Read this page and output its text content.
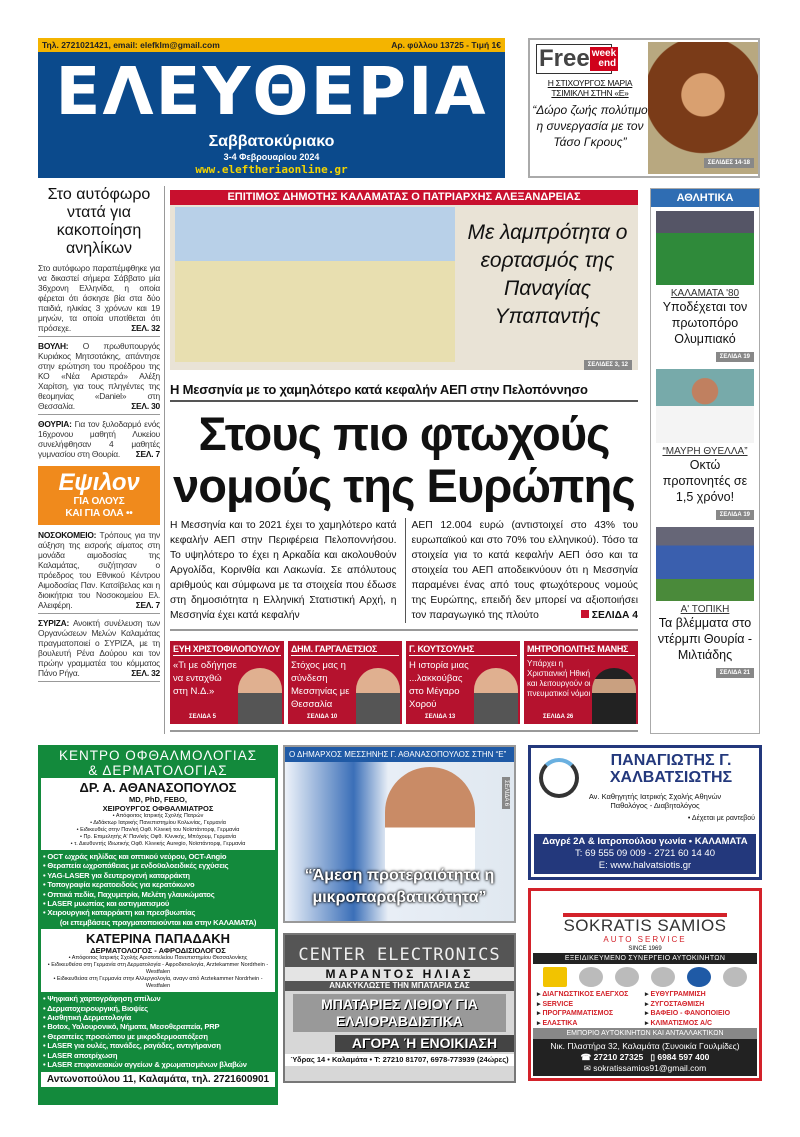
Τηλ. 2721021421, email: elefklm@gmail.com	Αρ. φύλλου 13725 - Τιμή 1€
ΕΛΕΥΘΕΡΙΑ
Σαββατοκύριακο
3-4 Φεβρουαρίου 2024
www.eleftheriaonline.gr
Free week
end
Η ΣΤΙΧΟΥΡΓΟΣ ΜΑΡΙΑ
ΤΣΙΜΙΚΛΗ ΣΤΗΝ «Ε»
“Δώρο ζωής πολύτιμο η συνεργασία με τον Τάσο Γκρους”
ΣΕΛΙΔΕΣ 14-18
Στο αυτόφωρο ντατά για κακοποίηση ανηλίκων

Στο αυτόφωρο παραπέμφθηκε για να δικαστεί σήμερα Σάββατο μία 36χρονη Ελληνίδα, η οποία φέρεται ότι άσκησε βία στα δύο παιδιά, ηλικίας 3 χρόνων και 19 μηνών, τα οποία υποτίθεται ότι πρόσεχε.	ΣΕΛ. 32

ΒΟΥΛΗ: Ο πρωθυπουργός Κυριάκος Μητσοτάκης, απάντησε στην ερώτηση του προέδρου της ΚΟ «Νέα Αριστερά» Αλέξη Χαρίτση, για τους πληγέντες της θεομηνίας «Daniel» στη Θεσσαλία.	ΣΕΛ. 30

ΘΟΥΡΙΑ: Για τον ξυλοδαρμό ενός 16χρονου μαθητή Λυκείου συνελήφθησαν 4 μαθητές γυμνασίου στη Θουρία. ΣΕΛ. 7

Εψιλον
ΓΙΑ ΟΛΟΥΣ
ΚΑΙ ΓΙΑ ΟΛΑ ••

ΝΟΣΟΚΟΜΕΙΟ: Τρόπους για την αύξηση της εισροής αίματος στη μονάδα αιμοδοσίας της Καλαμάτας, συζήτησαν ο πρόεδρος του Εθνικού Κέντρου Αιμοδοσίας Παν. Κατσίβελας και η διοικήτρια του Νοσοκομείου Ελ. Αλειφέρη.	ΣΕΛ. 7

ΣΥΡΙΖΑ: Ανοικτή συνέλευση των Οργανώσεων Μελών Καλαμάτας πραγματοποιεί ο ΣΥΡΙΖΑ, με τη βουλευτή Ρένα Δούρου και τον πρώην γραμματέα του κόμματος Πάνο Ρήγα.	ΣΕΛ. 32

ΕΠΙΤΙΜΟΣ ΔΗΜΟΤΗΣ ΚΑΛΑΜΑΤΑΣ Ο ΠΑΤΡΙΑΡΧΗΣ ΑΛΕΞΑΝΔΡΕΙΑΣ
Με λαμπρότητα ο εορτασμός της Παναγίας Υπαπαντής
ΣΕΛΙΔΕΣ 3, 12
Η Μεσσηνία με το χαμηλότερο κατά κεφαλήν ΑΕΠ στην Πελοπόννησο
Στους πιο φτωχούς νομούς της Ευρώπης
Η Μεσσηνία και το 2021 έχει το χαμηλότερο κατά κεφαλήν ΑΕΠ στην Περιφέρεια Πελοποννήσου. Το υψηλότερο το έχει η Αρκαδία και ακολουθούν Αργολίδα, Κορινθία και Λακωνία. Σε απόλυτους αριθμούς και σύμφωνα με τα στοιχεία που έδωσε στη δημοσιότητα η Ελληνική Στατιστική Αρχή, η Μεσσηνία έχει κατά κεφαλήν
ΑΕΠ 12.004 ευρώ (αντιστοιχεί στο 43% του ευρωπαϊκού και στο 70% του ελληνικού). Τόσο τα στοιχεία για το κατά κεφαλήν ΑΕΠ όσο και τα στοιχεία του ΑΕΠ αποδεικνύουν ότι η Μεσσηνία παραμένει ένας από τους φτωχότερους νομούς της Ευρώπης, επειδή δεν μπορεί να αξιοποιήσει τον παραγωγικό της πλούτο	ΣΕΛΙΔΑ 4
ΕΥΗ ΧΡΙΣΤΟΦΙΛΟΠΟΥΛΟΥ
«Τι με οδήγησε να ενταχθώ στη Ν.Δ.»
ΣΕΛΙΔΑ 5
ΔΗΜ. ΓΑΡΓΑΛΕΤΣΙΟΣ
Στόχος μας η σύνδεση Μεσσηνίας με Θεσσαλία
ΣΕΛΙΔΑ 10
Γ. ΚΟΥΤΣΟΥΛΗΣ
Η ιστορία μιας ...λακκούβας στο Μέγαρο Χορού
ΣΕΛΙΔΑ 13
ΜΗΤΡΟΠΟΛΙΤΗΣ ΜΑΝΗΣ
Υπάρχει η Χριστιανική Ηθική και λειτουργούν οι πνευματικοί νόμοι
ΣΕΛΙΔΑ 26
ΑΘΛΗΤΙΚΑ
ΚΑΛΑΜΑΤΑ '80
Υποδέχεται τον πρωτοπόρο Ολυμπιακό
ΣΕΛΙΔΑ 19
“ΜΑΥΡΗ ΘΥΕΛΛΑ”
Οκτώ προπονητές σε 1,5 χρόνο!
ΣΕΛΙΔΑ 19
Α' ΤΟΠΙΚΗ
Τα βλέμματα στο ντέρμπι Θουρία - Μιλτιάδης
ΣΕΛΙΔΑ 21
ΚΕΝΤΡΟ ΟΦΘΑΛΜΟΛΟΓΙΑΣ
& ΔΕΡΜΑΤΟΛΟΓΙΑΣ
ΔΡ. Α. ΑΘΑΝΑΣΟΠΟΥΛΟΣ
MD, PhD, FEBO,
ΧΕΙΡΟΥΡΓΟΣ ΟΦΘΑΛΜΙΑΤΡΟΣ
• Απόφοιτος Ιατρικής Σχολής Πατρών
• Διδάκτωρ Ιατρικής Πανεπιστημίου Κολωνίας, Γερμανία
• Ειδικευθείς στην Παν/κή Οφθ. Κλινική του Νοϊστάντορφ, Γερμανία
• Πρ. Επιμελητής Α' Παν/κής Οφθ. Κλινικής, Μπόχουμ, Γερμανία
• τ. Διευθυντής Ιδιωτικής Οφθ. Κλινικής Auregio, Νοϊστάντορφ, Γερμανία
• OCT ωχράς κηλίδας και οπτικού νεύρου, OCT-Angio
• Θεραπεία ωχροπάθειας με ενδοϋαλοειδικές εγχύσεις
• YAG-LASER για δευτερογενή καταρράκτη
• Τοπογραφία κερατοειδούς για κερατόκωνο
• Οπτικά πεδία, Παχυμετρία, Μελέτη γλαυκώματος
• LASER μυωπίας και αστιγματισμού
• Χειρουργική καταρράκτη και πρεσβυωπίας
(οι επεμβάσεις πραγματοποιούνται και στην ΚΑΛΑΜΑΤΑ)
ΚΑΤΕΡΙΝΑ ΠΑΠΑΔΑΚΗ
ΔΕΡΜΑΤΟΛΟΓΟΣ - ΑΦΡΟΔΙΣΙΟΛΟΓΟΣ
• Απόφοιτος Ιατρικής Σχολής Αριστοτελείου Πανεπιστημίου Θεσσαλονίκης
• Ειδικευθείσα στη Γερμανία στη Δερματολογία - Αφροδισιολογία, Arztekammer Nordrhein - Westfalen
• Ειδικευθείσα στη Γερμανία στην Αλλεργιολογία, αναγν από Arztekammer Nordrhein - Westfalen
• Ψηφιακή χαρτογράφηση σπίλων
• Δερματοχειρουργική, Βιοψίες
• Αισθητική Δερματολογία
• Botox, Υαλουρονικό, Νήματα, Μεσοθεραπεία, PRP
• Θεραπείες προσώπου με μικροδερμοαπόξεση
• LASER για ουλές, πανάδες, ραγάδες, αντιγήρανση
• LASER αποτρίχωση
• LASER επιφανειακών αγγείων & χρωματισμένων βλαβών
Αντωνοπούλου 11, Καλαμάτα, τηλ. 2721600901
Ο ΔΗΜΑΡΧΟΣ ΜΕΣΣΗΝΗΣ Γ. ΑΘΑΝΑΣΟΠΟΥΛΟΣ ΣΤΗΝ “Ε”
ΣΕΛΙΔΑ 6
“Άμεση προτεραιότητα η μικροπαραβατικότητα”
CENTER ELECTRONICS
ΜΑΡΑΝΤΟΣ ΗΛΙΑΣ
ΑΝΑΚΥΚΛΩΣΤΕ ΤΗΝ ΜΠΑΤΑΡΙΑ ΣΑΣ
ΜΠΑΤΑΡΙΕΣ ΛΙΘΙΟΥ ΓΙΑ ΕΛΑΙΟΡΑΒΔΙΣΤΙΚΑ
ΑΓΟΡΑ Ή ΕΝΟΙΚΙΑΣΗ
Ύδρας 14 • Καλαμάτα • Τ: 27210 81707, 6978-773939 (24ώρες)
ΠΑΝΑΓΙΩΤΗΣ Γ. ΧΑΛΒΑΤΣΙΩΤΗΣ
Αν. Καθηγητής Ιατρικής Σχολής Αθηνών
Παθολόγος - Διαβητολόγος
• Δέχεται με ραντεβού
Δαγρέ 2Α & Ιατροπούλου γωνία • ΚΑΛΑΜΑΤΑ
Τ: 69 555 09 009 - 2721 60 14 40
E: www.halvatsiotis.gr
SOKRATIS SAMIOS
AUTO SERVICE
SINCE 1969
ΕΞΕΙΔΙΚΕΥΜΕΝΟ ΣΥΝΕΡΓΕΙΟ ΑΥΤΟΚΙΝΗΤΩΝ
▸ ΔΙΑΓΝΩΣΤΙΚΟΣ ΕΛΕΓΧΟΣ	▸ ΕΥΘΥΓΡΑΜΜΙΣΗ
▸ SERVICE	▸ ΖΥΓΟΣΤΑΘΜΙΣΗ
▸ ΠΡΟΓΡΑΜΜΑΤΙΣΜΟΣ	▸ ΒΑΦΕΙΟ - ΦΑΝΟΠΟΙΕΙΟ
▸ ΕΛΑΣΤΙΚΑ	▸ ΚΛΙΜΑΤΙΣΜΟΣ Α/C
ΕΜΠΟΡΙΟ ΑΥΤΟΚΙΝΗΤΩΝ ΚΑΙ ΑΝΤΑΛΛΑΚΤΙΚΩΝ
Νικ. Πλαστήρα 32, Καλαμάτα (Συνοικία Γουλμίδες)
☎ 27210 27325 ▯ 6984 597 400
✉ sokratissamios91@gmail.com
